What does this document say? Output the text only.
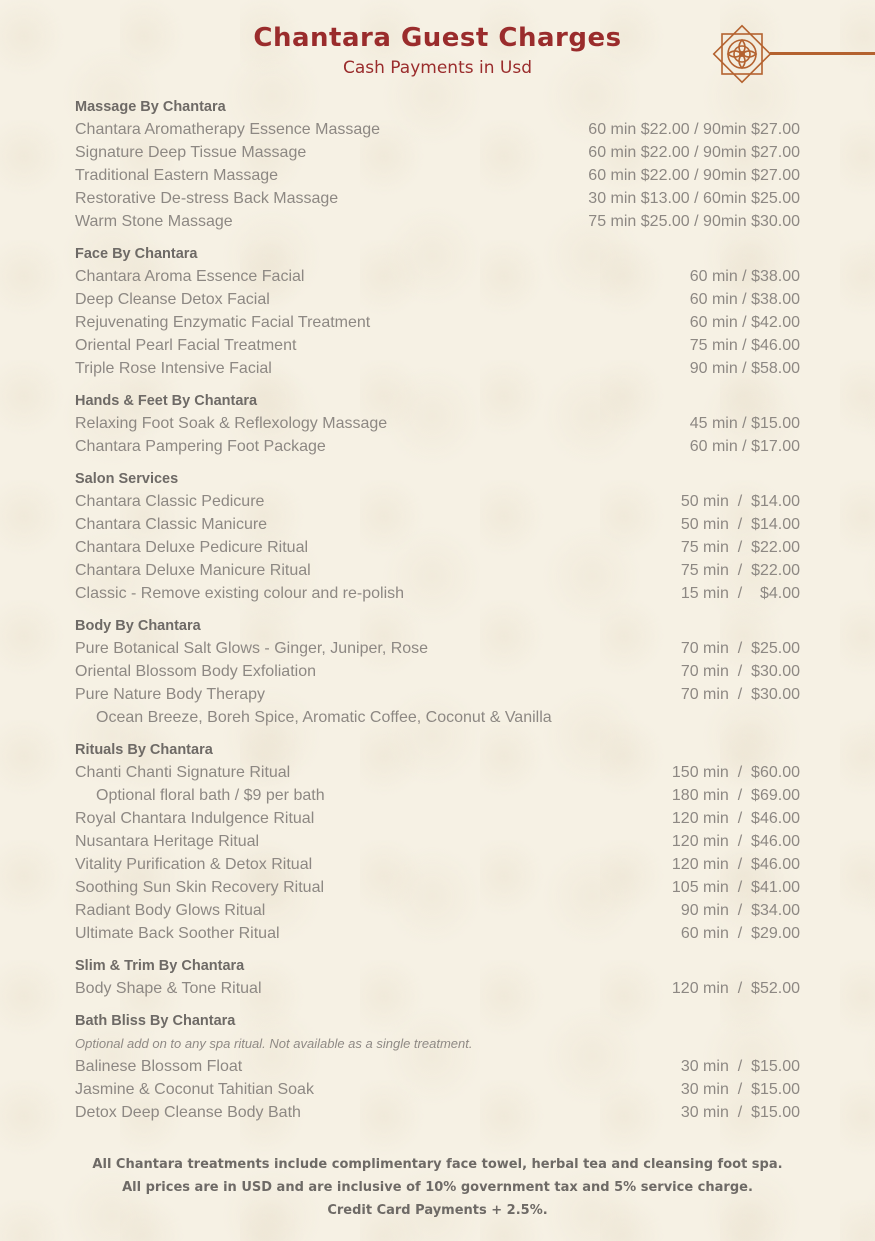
Chantara Guest Charges

Cash Payments in Usd

Massage By Chantara
Chantara Aromatherapy Essence Massage	60 min $22.00 / 90min $27.00
Signature Deep Tissue Massage	60 min $22.00 / 90min $27.00
Traditional Eastern Massage	60 min $22.00 / 90min $27.00
Restorative De-stress Back Massage	30 min $13.00 / 60min $25.00
Warm Stone Massage	75 min $25.00 / 90min $30.00
Face By Chantara
Chantara Aroma Essence Facial	60 min / $38.00
Deep Cleanse Detox Facial	60 min / $38.00
Rejuvenating Enzymatic Facial Treatment	60 min / $42.00
Oriental Pearl Facial Treatment	75 min / $46.00
Triple Rose Intensive Facial	90 min / $58.00
Hands & Feet By Chantara
Relaxing Foot Soak & Reflexology Massage	45 min / $15.00
Chantara Pampering Foot Package	60 min / $17.00
Salon Services
Chantara Classic Pedicure	50 min  /  $14.00
Chantara Classic Manicure	50 min  /  $14.00
Chantara Deluxe Pedicure Ritual	75 min  /  $22.00
Chantara Deluxe Manicure Ritual	75 min  /  $22.00
Classic - Remove existing colour and re-polish	15 min  /    $4.00
Body By Chantara
Pure Botanical Salt Glows - Ginger, Juniper, Rose	70 min  /  $25.00
Oriental Blossom Body Exfoliation	70 min  /  $30.00
Pure Nature Body Therapy	70 min  /  $30.00
Ocean Breeze, Boreh Spice, Aromatic Coffee, Coconut & Vanilla
Rituals By Chantara
Chanti Chanti Signature Ritual	150 min  /  $60.00
Optional floral bath / $9 per bath	180 min  /  $69.00
Royal Chantara Indulgence Ritual	120 min  /  $46.00
Nusantara Heritage Ritual	120 min  /  $46.00
Vitality Purification & Detox Ritual	120 min  /  $46.00
Soothing Sun Skin Recovery Ritual	105 min  /  $41.00
Radiant Body Glows Ritual	90 min  /  $34.00
Ultimate Back Soother Ritual	60 min  /  $29.00
Slim & Trim By Chantara
Body Shape & Tone Ritual	120 min  /  $52.00
Bath Bliss By Chantara
Optional add on to any spa ritual. Not available as a single treatment.
Balinese Blossom Float	30 min  /  $15.00
Jasmine & Coconut Tahitian Soak	30 min  /  $15.00
Detox Deep Cleanse Body Bath	30 min  /  $15.00
All Chantara treatments include complimentary face towel, herbal tea and cleansing foot spa.
All prices are in USD and are inclusive of 10% government tax and 5% service charge.
Credit Card Payments + 2.5%.
